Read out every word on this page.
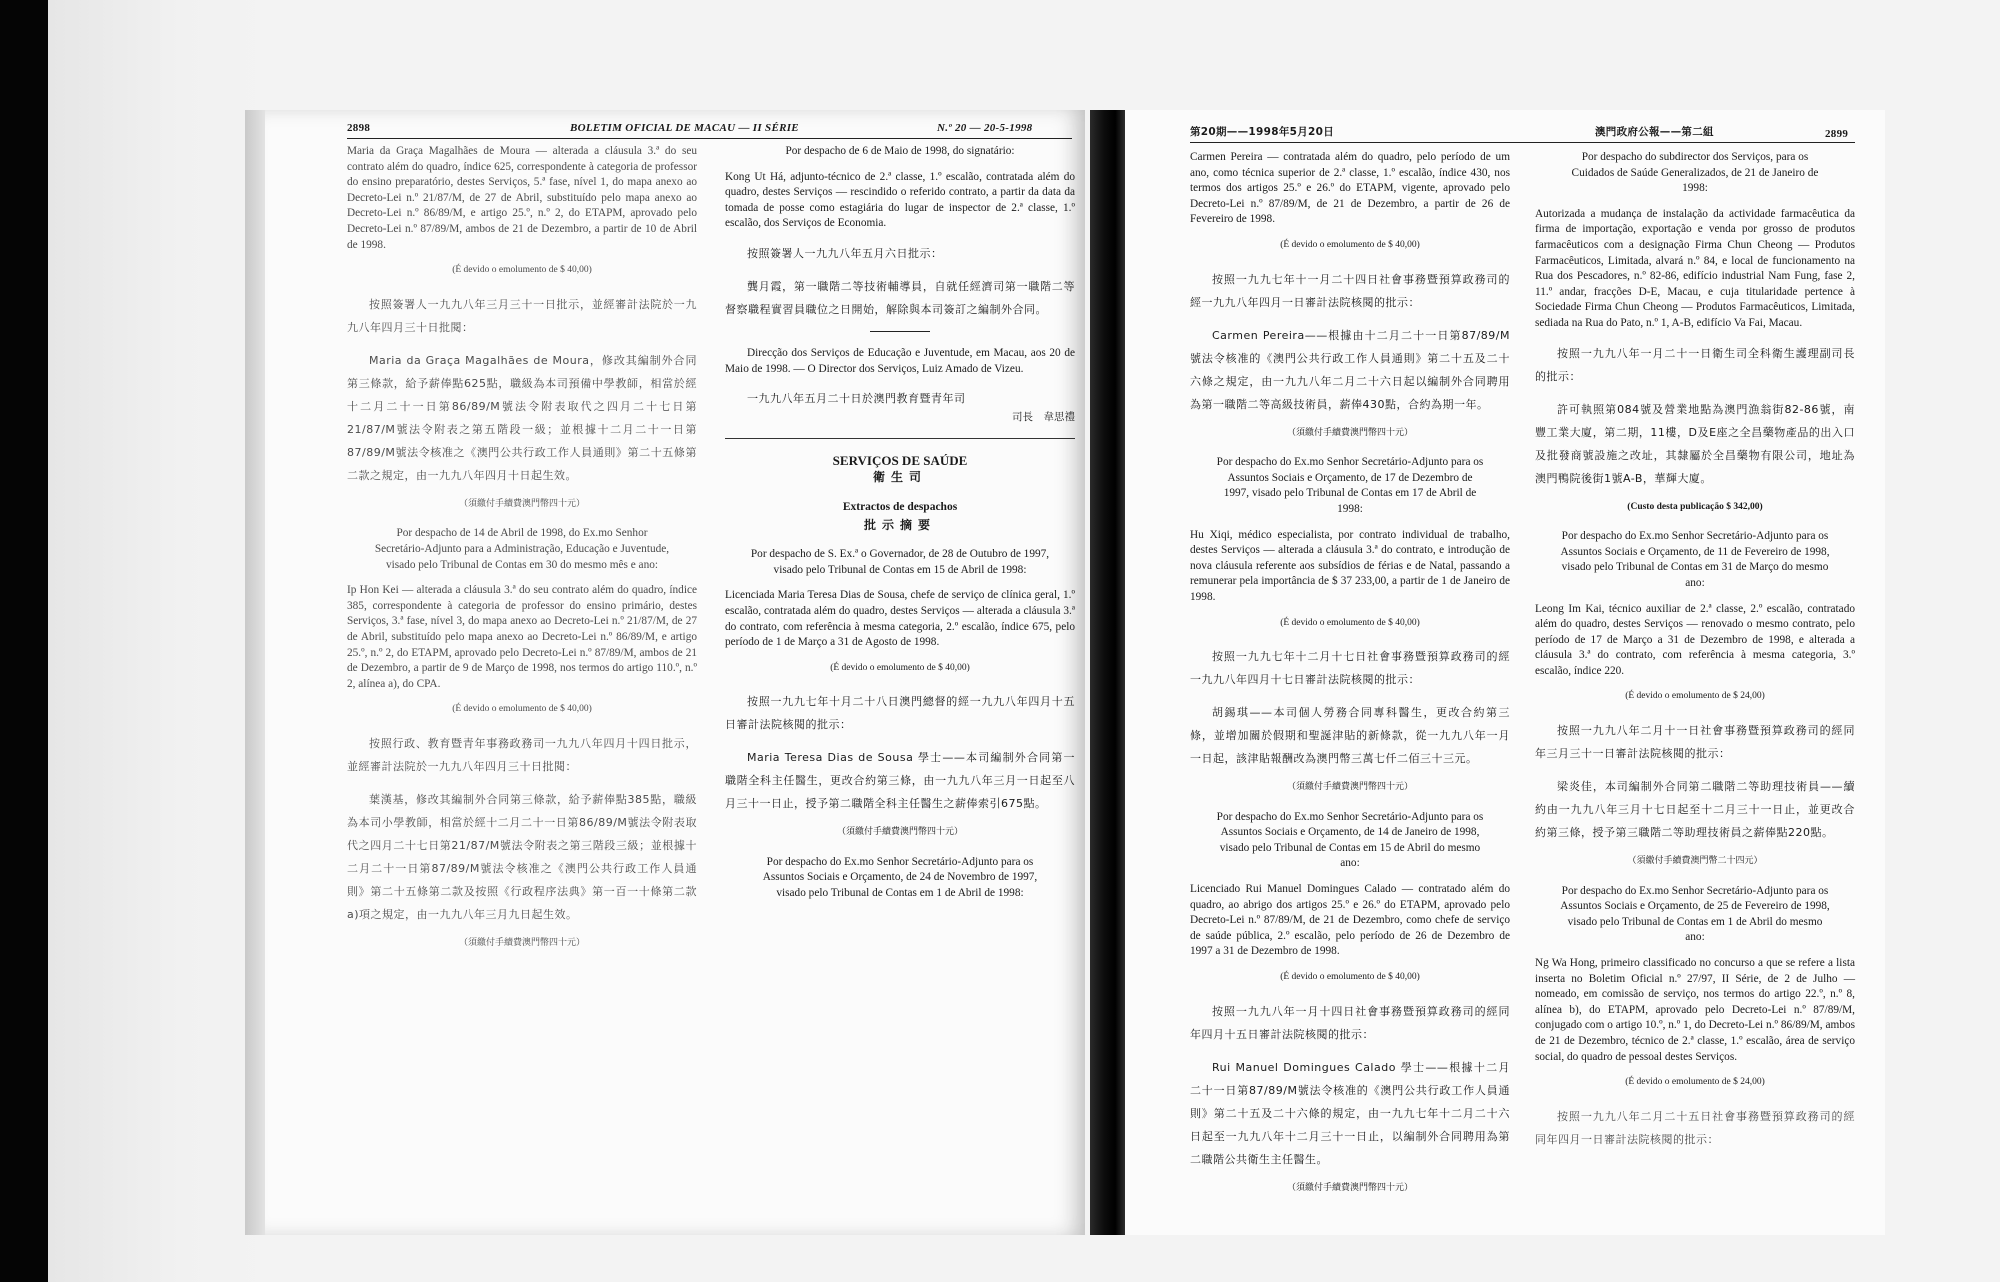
2898	BOLETIM OFICIAL DE MACAU — II SÉRIE	N.º 20 — 20-5-1998

Maria da Graça Magalhães de Moura — alterada a cláusula 3.ª do seu contrato além do quadro, índice 625, correspondente à categoria de professor do ensino preparatório, destes Serviços, 5.ª fase, nível 1, do mapa anexo ao Decreto-Lei n.º 21/87/M, de 27 de Abril, substituído pelo mapa anexo ao Decreto-Lei n.º 86/89/M, e artigo 25.º, n.º 2, do ETAPM, aprovado pelo Decreto-Lei n.º 87/89/M, ambos de 21 de Dezembro, a partir de 10 de Abril de 1998.

(É devido o emolumento de $ 40,00)

按照簽署人一九九八年三月三十一日批示，並經審計法院於一九九八年四月三十日批閱：

Maria da Graça Magalhães de Moura，修改其編制外合同第三條款，給予薪俸點625點，職級為本司預備中學教師，相當於經十二月二十一日第86/89/M號法令附表取代之四月二十七日第21/87/M號法令附表之第五階段一級；並根據十二月二十一日第87/89/M號法令核准之《澳門公共行政工作人員通則》第二十五條第二款之規定，由一九九八年四月十日起生效。

（須繳付手續費澳門幣四十元）

Por despacho de 14 de Abril de 1998, do Ex.mo Senhor Secretário-Adjunto para a Administração, Educação e Juventude, visado pelo Tribunal de Contas em 30 do mesmo mês e ano:

Ip Hon Kei — alterada a cláusula 3.ª do seu contrato além do quadro, índice 385, correspondente à categoria de professor do ensino primário, destes Serviços, 3.ª fase, nível 3, do mapa anexo ao Decreto-Lei n.º 21/87/M, de 27 de Abril, substituído pelo mapa anexo ao Decreto-Lei n.º 86/89/M, e artigo 25.º, n.º 2, do ETAPM, aprovado pelo Decreto-Lei n.º 87/89/M, ambos de 21 de Dezembro, a partir de 9 de Março de 1998, nos termos do artigo 110.º, n.º 2, alínea a), do CPA.

(É devido o emolumento de $ 40,00)

按照行政、教育暨青年事務政務司一九九八年四月十四日批示，並經審計法院於一九九八年四月三十日批閱：

葉漢基，修改其編制外合同第三條款，給予薪俸點385點，職級為本司小學教師，相當於經十二月二十一日第86/89/M號法令附表取代之四月二十七日第21/87/M號法令附表之第三階段三級；並根據十二月二十一日第87/89/M號法令核准之《澳門公共行政工作人員通則》第二十五條第二款及按照《行政程序法典》第一百一十條第二款a)項之規定，由一九九八年三月九日起生效。

（須繳付手續費澳門幣四十元）

Por despacho de 6 de Maio de 1998, do signatário:

Kong Ut Há, adjunto-técnico de 2.ª classe, 1.º escalão, contratada além do quadro, destes Serviços — rescindido o referido contrato, a partir da data da tomada de posse como estagiária do lugar de inspector de 2.ª classe, 1.º escalão, dos Serviços de Economia.

按照簽署人一九九八年五月六日批示：

龔月霞，第一職階二等技術輔導員，自就任經濟司第一職階二等督察職程實習員職位之日開始，解除與本司簽訂之編制外合同。

Direcção dos Serviços de Educação e Juventude, em Macau, aos 20 de Maio de 1998. — O Director dos Serviços, Luiz Amado de Vizeu.

一九九八年五月二十日於澳門教育暨青年司

司長　韋思禮

SERVIÇOS DE SAÚDE
衛生司
Extractos de despachos
批示摘要

Por despacho de S. Ex.ª o Governador, de 28 de Outubro de 1997, visado pelo Tribunal de Contas em 15 de Abril de 1998:

Licenciada Maria Teresa Dias de Sousa, chefe de serviço de clínica geral, 1.º escalão, contratada além do quadro, destes Serviços — alterada a cláusula 3.ª do contrato, com referência à mesma categoria, 2.º escalão, índice 675, pelo período de 1 de Março a 31 de Agosto de 1998.

(É devido o emolumento de $ 40,00)

按照一九九七年十月二十八日澳門總督的經一九九八年四月十五日審計法院核閱的批示：

Maria Teresa Dias de Sousa 學士——本司編制外合同第一職階全科主任醫生，更改合約第三條，由一九九八年三月一日起至八月三十一日止，授予第二職階全科主任醫生之薪俸索引675點。

（須繳付手續費澳門幣四十元）

Por despacho do Ex.mo Senhor Secretário-Adjunto para os Assuntos Sociais e Orçamento, de 24 de Novembro de 1997, visado pelo Tribunal de Contas em 1 de Abril de 1998:

第20期——1998年5月20日	澳門政府公報——第二組	2899

Carmen Pereira — contratada além do quadro, pelo período de um ano, como técnica superior de 2.ª classe, 1.º escalão, índice 430, nos termos dos artigos 25.º e 26.º do ETAPM, vigente, aprovado pelo Decreto-Lei n.º 87/89/M, de 21 de Dezembro, a partir de 26 de Fevereiro de 1998.

(É devido o emolumento de $ 40,00)

按照一九九七年十一月二十四日社會事務暨預算政務司的經一九九八年四月一日審計法院核閱的批示：

Carmen Pereira——根據由十二月二十一日第87/89/M號法令核准的《澳門公共行政工作人員通則》第二十五及二十六條之規定，由一九九八年二月二十六日起以編制外合同聘用為第一職階二等高級技術員，薪俸430點，合約為期一年。

（須繳付手續費澳門幣四十元）

Por despacho do Ex.mo Senhor Secretário-Adjunto para os Assuntos Sociais e Orçamento, de 17 de Dezembro de 1997, visado pelo Tribunal de Contas em 17 de Abril de 1998:

Hu Xiqi, médico especialista, por contrato individual de trabalho, destes Serviços — alterada a cláusula 3.ª do contrato, e introdução de nova cláusula referente aos subsídios de férias e de Natal, passando a remunerar pela importância de $ 37 233,00, a partir de 1 de Janeiro de 1998.

(É devido o emolumento de $ 40,00)

按照一九九七年十二月十七日社會事務暨預算政務司的經一九九八年四月十七日審計法院核閱的批示：

胡錫琪——本司個人勞務合同專科醫生，更改合約第三條，並增加關於假期和聖誕津貼的新條款，從一九九八年一月一日起，該津貼報酬改為澳門幣三萬七仟二佰三十三元。

（須繳付手續費澳門幣四十元）

Por despacho do Ex.mo Senhor Secretário-Adjunto para os Assuntos Sociais e Orçamento, de 14 de Janeiro de 1998, visado pelo Tribunal de Contas em 15 de Abril do mesmo ano:

Licenciado Rui Manuel Domingues Calado — contratado além do quadro, ao abrigo dos artigos 25.º e 26.º do ETAPM, aprovado pelo Decreto-Lei n.º 87/89/M, de 21 de Dezembro, como chefe de serviço de saúde pública, 2.º escalão, pelo período de 26 de Dezembro de 1997 a 31 de Dezembro de 1998.

(É devido o emolumento de $ 40,00)

按照一九九八年一月十四日社會事務暨預算政務司的經同年四月十五日審計法院核閱的批示：

Rui Manuel Domingues Calado 學士——根據十二月二十一日第87/89/M號法令核准的《澳門公共行政工作人員通則》第二十五及二十六條的規定，由一九九七年十二月二十六日起至一九九八年十二月三十一日止，以編制外合同聘用為第二職階公共衛生主任醫生。

（須繳付手續費澳門幣四十元）

Por despacho do subdirector dos Serviços, para os Cuidados de Saúde Generalizados, de 21 de Janeiro de 1998:

Autorizada a mudança de instalação da actividade farmacêutica da firma de importação, exportação e venda por grosso de produtos farmacêuticos com a designação Firma Chun Cheong — Produtos Farmacêuticos, Limitada, alvará n.º 84, e local de funcionamento na Rua dos Pescadores, n.º 82-86, edifício industrial Nam Fung, fase 2, 11.º andar, fracções D-E, Macau, e cuja titularidade pertence à Sociedade Firma Chun Cheong — Produtos Farmacêuticos, Limitada, sediada na Rua do Pato, n.º 1, A-B, edifício Va Fai, Macau.

按照一九九八年一月二十一日衛生司全科衛生護理副司長的批示：

許可執照第084號及營業地點為澳門漁翁街82-86號，南豐工業大廈，第二期，11樓，D及E座之全昌藥物產品的出入口及批發商號設施之改址，其隸屬於全昌藥物有限公司，地址為澳門鴨院後街1號A-B，華輝大廈。

(Custo desta publicação $ 342,00)

Por despacho do Ex.mo Senhor Secretário-Adjunto para os Assuntos Sociais e Orçamento, de 11 de Fevereiro de 1998, visado pelo Tribunal de Contas em 31 de Março do mesmo ano:

Leong Im Kai, técnico auxiliar de 2.ª classe, 2.º escalão, contratado além do quadro, destes Serviços — renovado o mesmo contrato, pelo período de 17 de Março a 31 de Dezembro de 1998, e alterada a cláusula 3.ª do contrato, com referência à mesma categoria, 3.º escalão, índice 220.

(É devido o emolumento de $ 24,00)

按照一九九八年二月十一日社會事務暨預算政務司的經同年三月三十一日審計法院核閱的批示：

梁炎佳，本司編制外合同第二職階二等助理技術員——續約由一九九八年三月十七日起至十二月三十一日止，並更改合約第三條，授予第三職階二等助理技術員之薪俸點220點。

（須繳付手續費澳門幣二十四元）

Por despacho do Ex.mo Senhor Secretário-Adjunto para os Assuntos Sociais e Orçamento, de 25 de Fevereiro de 1998, visado pelo Tribunal de Contas em 1 de Abril do mesmo ano:

Ng Wa Hong, primeiro classificado no concurso a que se refere a lista inserta no Boletim Oficial n.º 27/97, II Série, de 2 de Julho — nomeado, em comissão de serviço, nos termos do artigo 22.º, n.º 8, alínea b), do ETAPM, aprovado pelo Decreto-Lei n.º 87/89/M, conjugado com o artigo 10.º, n.º 1, do Decreto-Lei n.º 86/89/M, ambos de 21 de Dezembro, técnico de 2.ª classe, 1.º escalão, área de serviço social, do quadro de pessoal destes Serviços.

(É devido o emolumento de $ 24,00)

按照一九九八年二月二十五日社會事務暨預算政務司的經同年四月一日審計法院核閱的批示：
